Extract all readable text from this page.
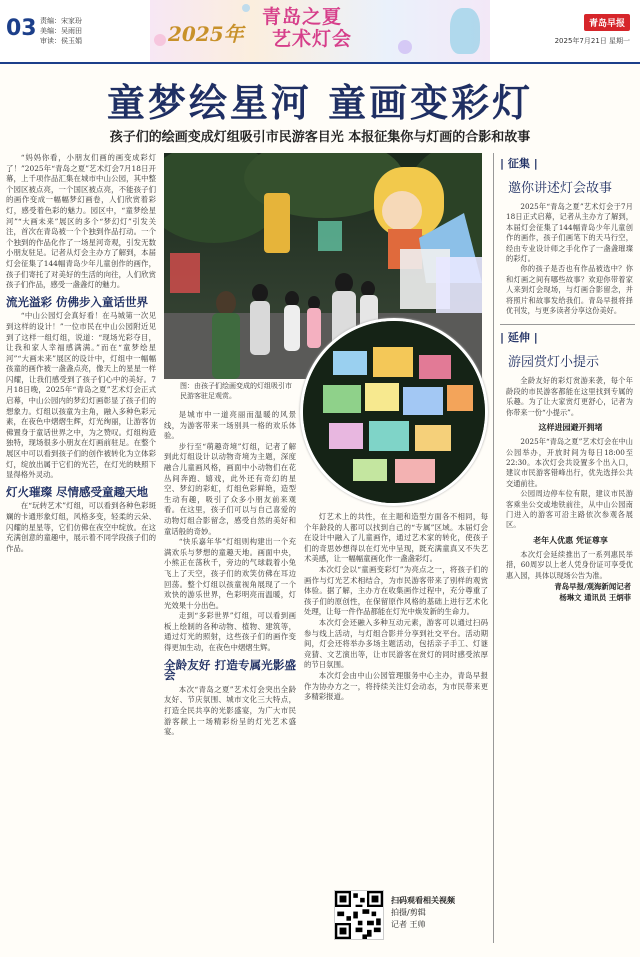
03 责编：宋家玢
美编：吴雨田
审读：侯玉娟	2025年
青岛之夏
艺术灯会
青岛早报
2025年7月21日 星期一
童梦绘星河 童画变彩灯
孩子们的绘画变成灯组吸引市民游客目光 本报征集你与灯画的合影和故事

“妈妈你看，小朋友们画的画变成彩灯了！”2025年“青岛之夏”艺术灯会7月18日开幕，上千项作品汇集在城市中山公园，其中整个园区被点亮，一个国区被点亮，不能孩子们的画作变成一幅幅梦幻画卷，人们欣赏着彩灯，感受着色彩的魅力。园区中，“童梦绘星河”“大画未来”展区的多个“梦幻灯”引发关注，首次在青岛被一个个独到作品打动。一个个独到的作品化作了一场星河奇观，引发无数小朋友驻足。记者从灯会主办方了解到，本届灯会征集了144幅青岛少年儿童创作的画作，孩子们寄托了对美好的生活的向往，人们欣赏孩子们作品，感受一盏盏灯的魅力。

流光溢彩 仿佛步入童话世界

“中山公园灯会真好看！在马城第一次见到这样的设计！”一位市民在中山公园附近见到了这样一组灯组，说道：“现场光彩夺目，让我和家人幸福感满满。”而在“童梦绘星河”“大画未来”展区的设计中，灯组中一幅幅孩童的画作被一盏盏点亮，像天上的星星一样闪耀，让我们感受到了孩子们心中的美好。7月18日晚，2025年“青岛之夏”艺术灯会正式启幕，中山公园内的梦幻灯画彰显了孩子们的想象力。灯组以孩童为主角，融入多种色彩元素，在夜色中熠熠生辉，灯光绚丽，让游客仿佛置身于童话世界之中，为之赞叹。灯组构造独特，现场很多小朋友在灯画前驻足。在整个展区中可以看到孩子们的创作被转化为立体彩灯，绽放出属于它们的光芒，在灯光的映照下显得格外灵动。

灯火璀璨 尽情感受童趣天地

在“玩转艺术”灯组，可以看到各种色彩斑斓的卡通形象灯组，风格多变，轻柔的云朵、闪耀的星星等，它们仿佛在夜空中绽放。在这充满创意的童趣中，展示着不同学段孩子们的作品。

图：由孩子们绘画变成的灯组吸引市民游客驻足观赏。

是城市中一道亮丽而温暖的风景线，为游客带来一场别具一格的欢乐体验。

步行至“萌趣奇境”灯组，记者了解到此灯组设计以动物奇境为主题，深度融合儿童画风格，画面中小动物们在花丛间奔跑、嬉戏，此外还有奇幻的星空、梦幻的彩虹，灯组色彩鲜艳，造型生动有趣，吸引了众多小朋友前来观看。在这里，孩子们可以与自己喜爱的动物灯组合影留念，感受自然的美好和童话般的奇妙。

“快乐嘉年华”灯组则构建出一个充满欢乐与梦想的童趣天地。画面中央，小熊正在荡秋千，旁边的气球载着小兔飞上了天空，孩子们的欢笑仿佛在耳边回荡。整个灯组以孩童视角展现了一个欢快的游乐世界，色彩明亮而温暖，灯光效果十分出色。

走到“多彩世界”灯组，可以看到画板上绘制的各种动物、植物、建筑等，通过灯光的照射，这些孩子们的画作变得更加生动，在夜色中熠熠生辉。

全龄友好 打造专属光影盛会

本次“青岛之夏”艺术灯会突出全龄友好、节庆氛围、城市文化三大特点，打造全民共享的光影盛宴，为广大市民游客献上一场精彩纷呈的灯光艺术盛宴。

灯艺术上的共性，在主题和造型方面各不相同，每个年龄段的人都可以找到自己的“专属”区域。本届灯会在设计中融入了儿童画作，通过艺术家的转化，使孩子们的奇思妙想得以在灯光中呈现，既充满童真又不失艺术美感，让一幅幅童画化作一盏盏彩灯。

本次灯会以“童画变彩灯”为亮点之一，将孩子们的画作与灯光艺术相结合，为市民游客带来了别样的观赏体验。据了解，主办方在收集画作过程中，充分尊重了孩子们的原创性，在保留原作风格的基础上进行艺术化处理，让每一件作品都能在灯光中焕发新的生命力。

本次灯会还融入多种互动元素，游客可以通过扫码参与线上活动，与灯组合影并分享到社交平台。活动期间，灯会还将举办多场主题活动，包括亲子手工、灯谜竞猜、文艺演出等，让市民游客在赏灯的同时感受浓厚的节日氛围。

本次灯会由中山公园管理服务中心主办，青岛早报作为协办方之一，将持续关注灯会动态，为市民带来更多精彩报道。

扫码观看相关视频
拍摄/剪辑
记者 王帅
| 征集 |
邀你讲述灯会故事

2025年“青岛之夏”艺术灯会于7月18日正式启幕，记者从主办方了解到，本届灯会征集了144幅青岛少年儿童创作的画作，孩子们画笔下的天马行空，经由专业设计师之手化作了一盏盏璀璨的彩灯。

你的孩子是否也有作品被选中？你和灯画之间有哪些故事？欢迎你带着家人来到灯会现场，与灯画合影留念，并将照片和故事发给我们。青岛早报将择优刊发，与更多读者分享这份美好。

| 延伸 |
游园赏灯小提示

全龄友好的彩灯赏游来袭，每个年龄段的市民游客都能在这里找到专属的乐趣。为了让大家赏灯更舒心，记者为你带来一份“小提示”。

这样进园避开拥堵

2025年“青岛之夏”艺术灯会在中山公园举办，开放时间为每日18:00至22:30。本次灯会共设置多个出入口，建议市民游客错峰出行，优先选择公共交通前往。

公园周边停车位有限，建议市民游客乘坐公交或地铁前往，从中山公园南门进入的游客可沿主路依次参观各展区。

老年人优惠 凭证尊享

本次灯会延续推出了一系列惠民举措，60周岁以上老人凭身份证可享受优惠入园，具体以现场公告为准。

青岛早报/观海新闻记者
杨琳文 通讯员 王炳菲
